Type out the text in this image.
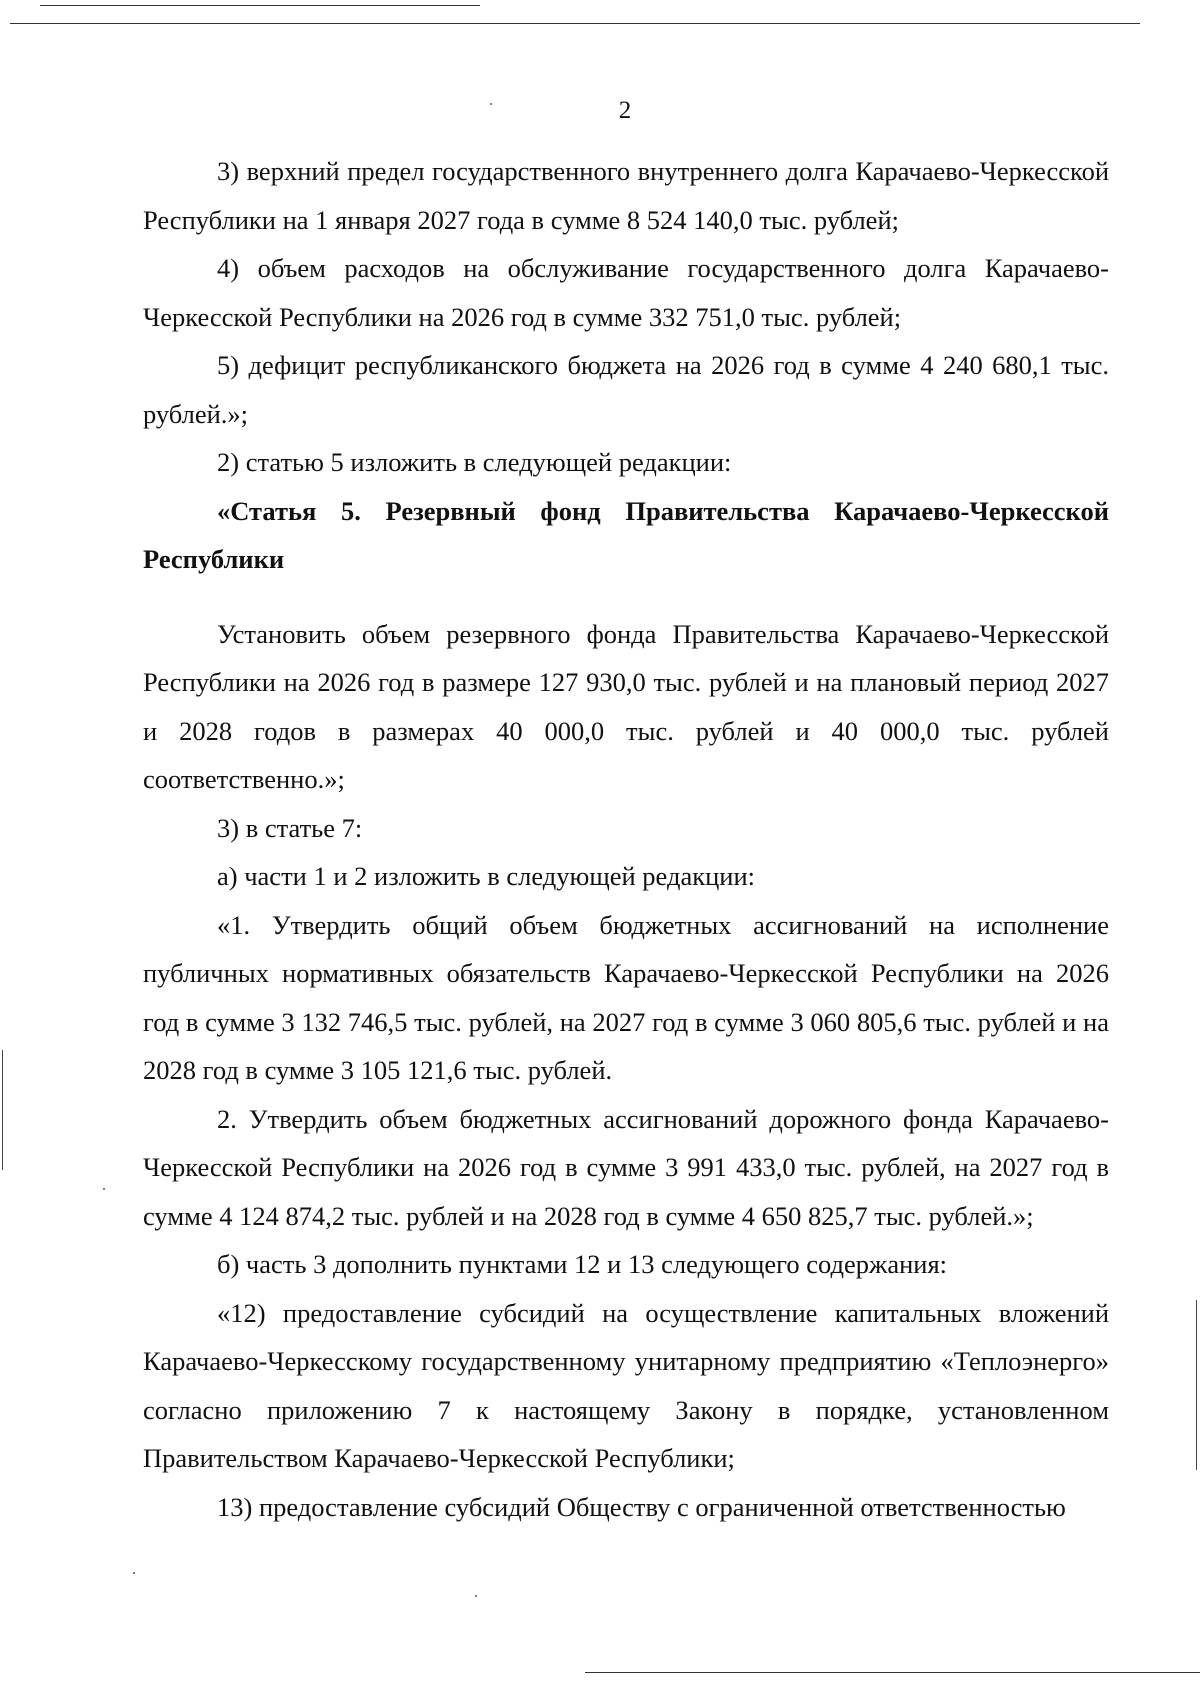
2

3) верхний предел государственного внутреннего долга Карачаево-Черкесской Республики на 1 января 2027 года в сумме 8 524 140,0 тыс. рублей;

4) объем расходов на обслуживание государственного долга Карачаево-Черкесской Республики на 2026 год в сумме 332 751,0 тыс. рублей;

5) дефицит республиканского бюджета на 2026 год в сумме 4 240 680,1 тыс. рублей.»;

2) статью 5 изложить в следующей редакции:

«Статья 5. Резервный фонд Правительства Карачаево-Черкесской Республики

Установить объем резервного фонда Правительства Карачаево-Черкесской Республики на 2026 год в размере 127 930,0 тыс. рублей и на плановый период 2027 и 2028 годов в размерах 40 000,0 тыс. рублей и 40 000,0 тыс. рублей соответственно.»;

3) в статье 7:

а) части 1 и 2 изложить в следующей редакции:

«1. Утвердить общий объем бюджетных ассигнований на исполнение публичных нормативных обязательств Карачаево-Черкесской Республики на 2026 год в сумме 3 132 746,5 тыс. рублей, на 2027 год в сумме 3 060 805,6 тыс. рублей и на 2028 год в сумме 3 105 121,6 тыс. рублей.

2. Утвердить объем бюджетных ассигнований дорожного фонда Карачаево-Черкесской Республики на 2026 год в сумме 3 991 433,0 тыс. рублей, на 2027 год в сумме 4 124 874,2 тыс. рублей и на 2028 год в сумме 4 650 825,7 тыс. рублей.»;

б) часть 3 дополнить пунктами 12 и 13 следующего содержания:

«12) предоставление субсидий на осуществление капитальных вложений Карачаево-Черкесскому государственному унитарному предприятию «Теплоэнерго» согласно приложению 7 к настоящему Закону в порядке, установленном Правительством Карачаево-Черкесской Республики;

13) предоставление субсидий Обществу с ограниченной ответственностью
